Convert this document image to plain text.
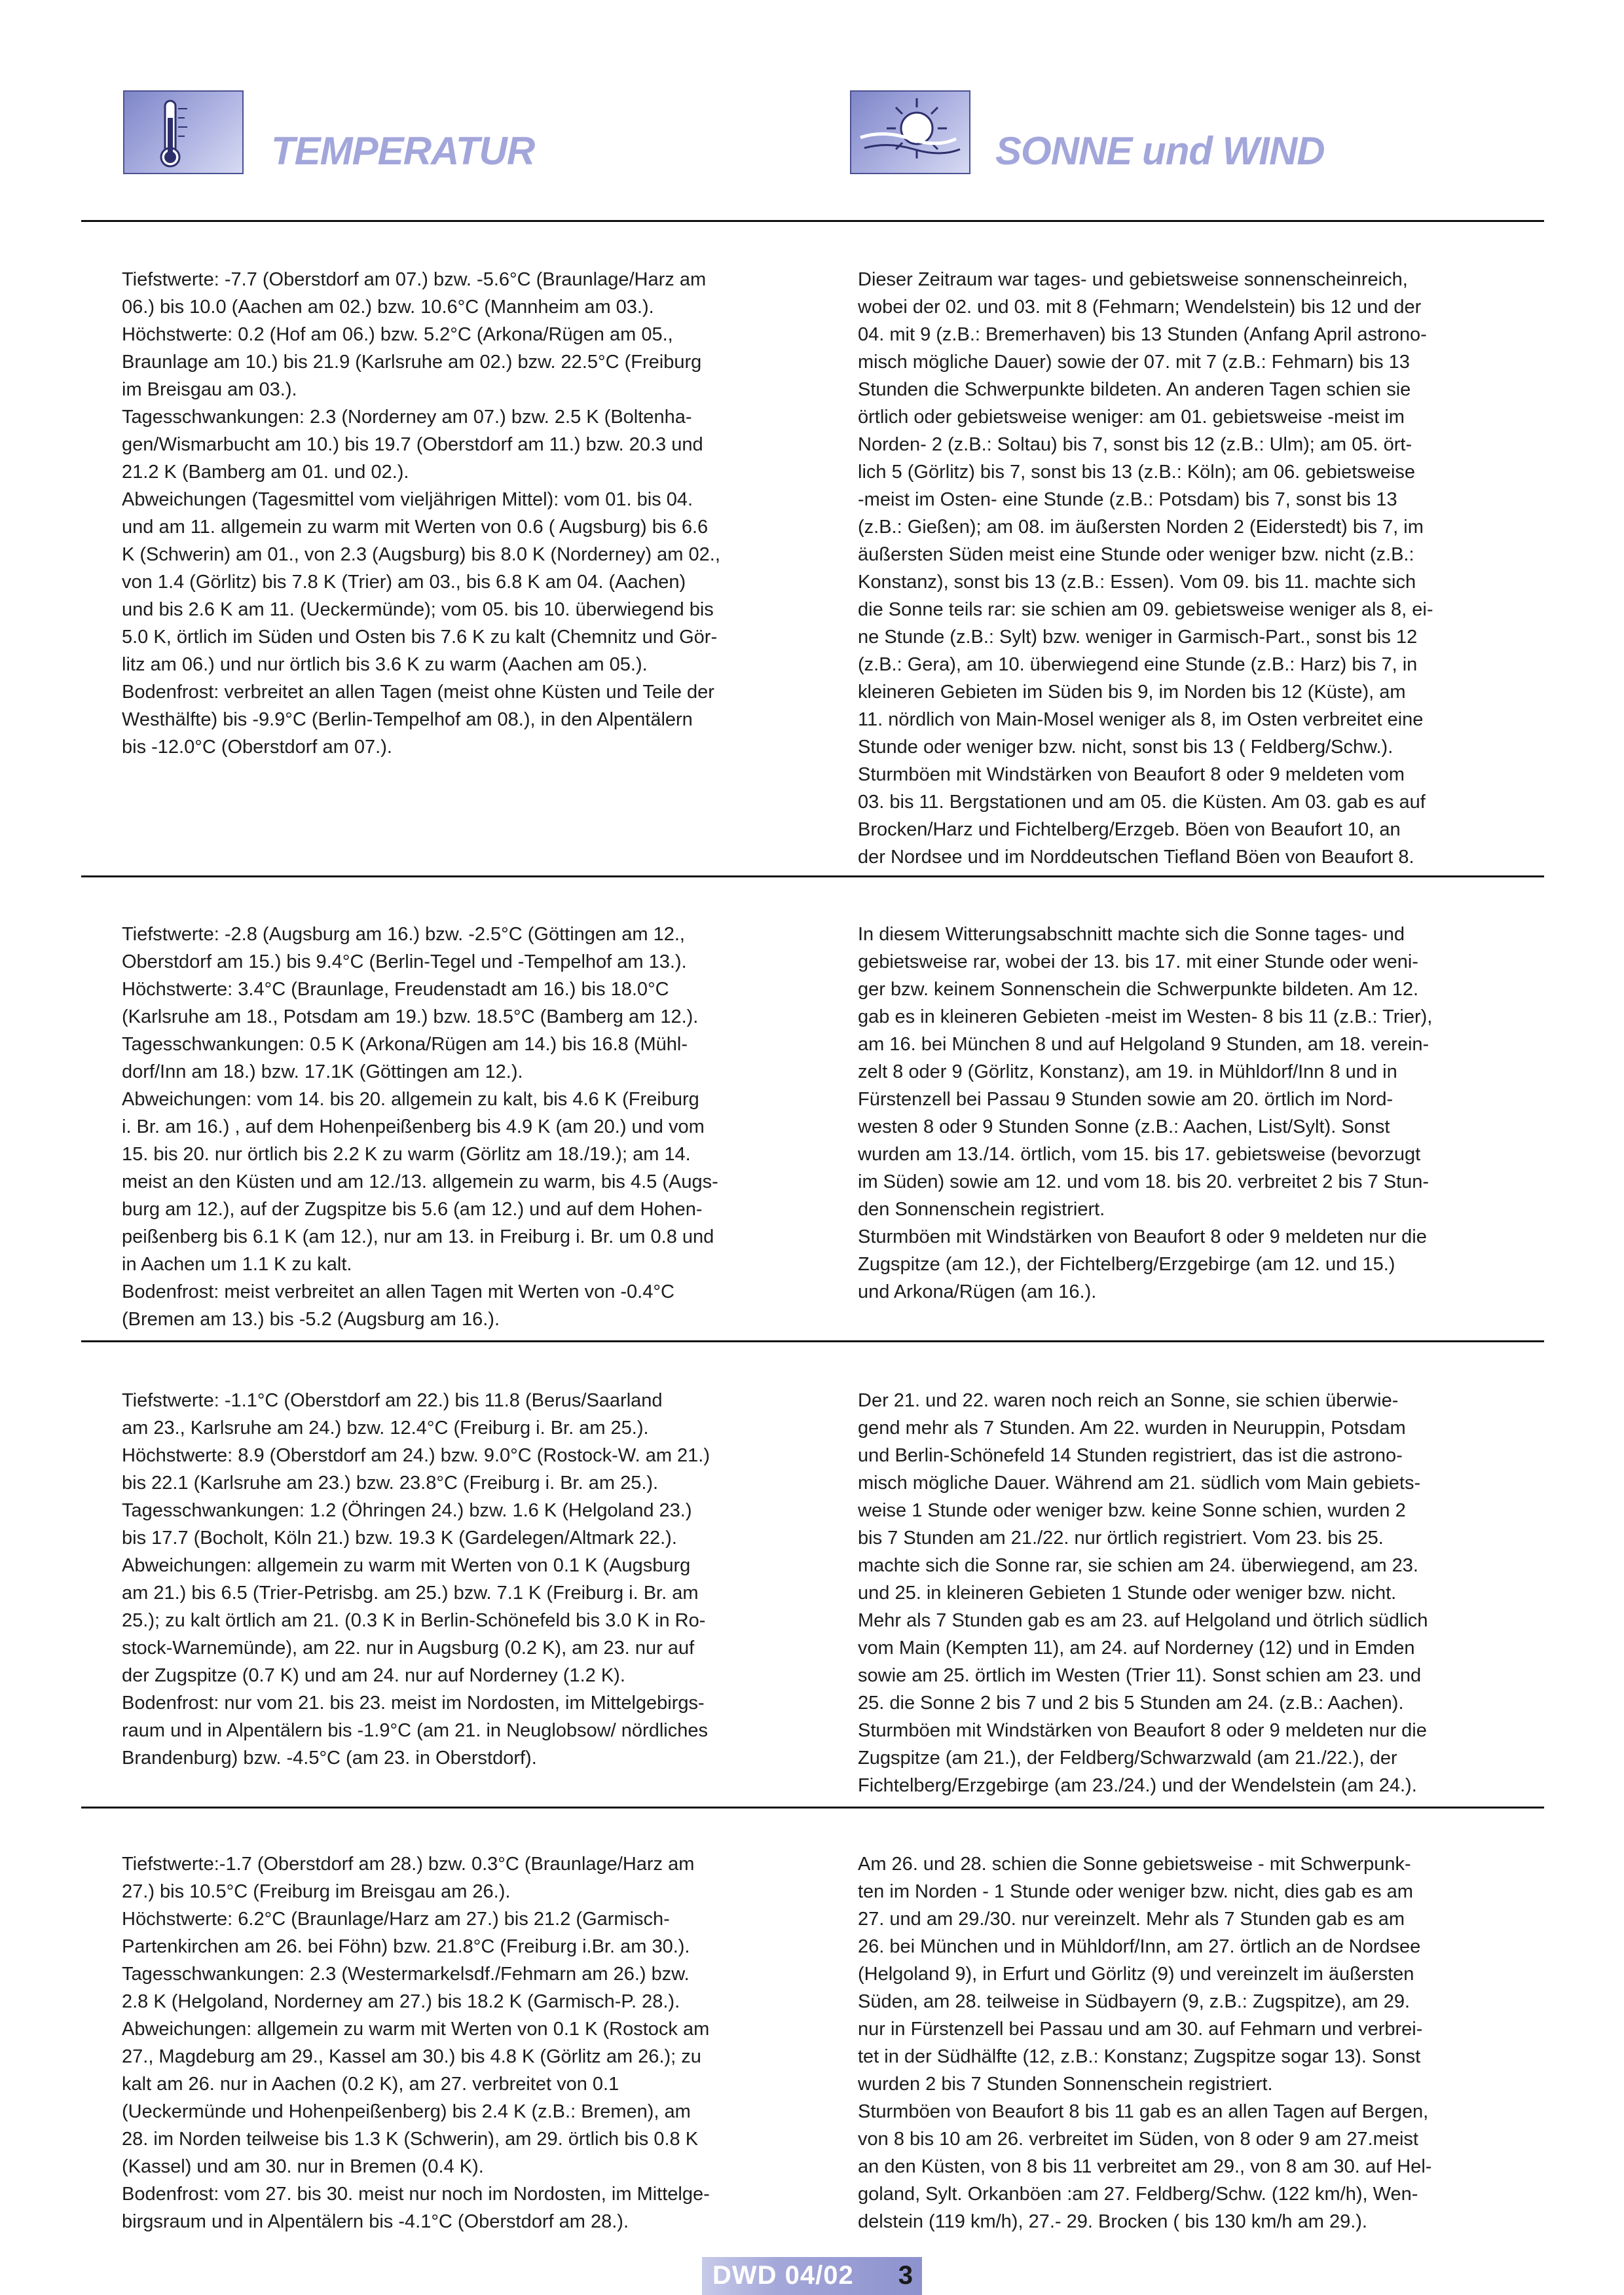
TEMPERATUR	SONNE und WIND

Tiefstwerte: -7.7 (Oberstdorf am 07.) bzw. -5.6°C (Braunlage/Harz am
06.) bis 10.0 (Aachen am 02.) bzw. 10.6°C (Mannheim am 03.).
Höchstwerte: 0.2 (Hof am 06.) bzw. 5.2°C (Arkona/Rügen am 05.,
Braunlage am 10.) bis 21.9 (Karlsruhe am 02.) bzw. 22.5°C (Freiburg
im Breisgau am 03.).
Tagesschwankungen: 2.3 (Norderney am 07.) bzw. 2.5 K (Boltenha-
gen/Wismarbucht am 10.) bis 19.7 (Oberstdorf am 11.) bzw. 20.3 und
21.2 K (Bamberg am 01. und 02.).
Abweichungen (Tagesmittel vom vieljährigen Mittel): vom 01. bis 04.
und am 11. allgemein zu warm mit Werten von 0.6 ( Augsburg) bis 6.6
K (Schwerin) am 01., von 2.3 (Augsburg) bis 8.0 K (Norderney) am 02.,
von 1.4 (Görlitz) bis 7.8 K (Trier) am 03., bis 6.8 K am 04. (Aachen)
und bis 2.6 K am 11. (Ueckermünde); vom 05. bis 10. überwiegend bis
5.0 K, örtlich im Süden und Osten bis 7.6 K zu kalt (Chemnitz und Gör-
litz am 06.) und nur örtlich bis 3.6 K zu warm (Aachen am 05.).
Bodenfrost: verbreitet an allen Tagen (meist ohne Küsten und Teile der
Westhälfte) bis -9.9°C (Berlin-Tempelhof am 08.), in den Alpentälern
bis -12.0°C (Oberstdorf am 07.).

Dieser Zeitraum war tages- und gebietsweise sonnenscheinreich,
wobei der 02. und 03. mit 8 (Fehmarn; Wendelstein) bis 12 und der
04. mit 9 (z.B.: Bremerhaven) bis 13 Stunden (Anfang April astrono-
misch mögliche Dauer) sowie der 07. mit 7 (z.B.: Fehmarn) bis 13
Stunden die Schwerpunkte bildeten. An anderen Tagen schien sie
örtlich oder gebietsweise weniger: am 01. gebietsweise -meist im
Norden- 2 (z.B.: Soltau) bis 7, sonst bis 12 (z.B.: Ulm); am 05. ört-
lich 5 (Görlitz) bis 7, sonst bis 13 (z.B.: Köln); am 06. gebietsweise
-meist im Osten- eine Stunde (z.B.: Potsdam) bis 7, sonst bis 13
(z.B.: Gießen); am 08. im äußersten Norden 2 (Eiderstedt) bis 7, im
äußersten Süden meist eine Stunde oder weniger bzw. nicht (z.B.:
Konstanz), sonst bis 13 (z.B.: Essen). Vom 09. bis 11. machte sich
die Sonne teils rar: sie schien am 09. gebietsweise weniger als 8, ei-
ne Stunde (z.B.: Sylt) bzw. weniger in Garmisch-Part., sonst bis 12
(z.B.: Gera), am 10. überwiegend eine Stunde (z.B.: Harz) bis 7, in
kleineren Gebieten im Süden bis 9, im Norden bis 12 (Küste), am
11. nördlich von Main-Mosel weniger als 8, im Osten verbreitet eine
Stunde oder weniger bzw. nicht, sonst bis 13 ( Feldberg/Schw.).
Sturmböen mit Windstärken von Beaufort 8 oder 9 meldeten vom
03. bis 11. Bergstationen und am 05. die Küsten. Am 03. gab es auf
Brocken/Harz und Fichtelberg/Erzgeb. Böen von Beaufort 10, an
der Nordsee und im Norddeutschen Tiefland Böen von Beaufort 8.

Tiefstwerte: -2.8 (Augsburg am 16.) bzw. -2.5°C (Göttingen am 12.,
Oberstdorf am 15.) bis 9.4°C (Berlin-Tegel und -Tempelhof am 13.).
Höchstwerte: 3.4°C (Braunlage, Freudenstadt am 16.) bis 18.0°C
(Karlsruhe am 18., Potsdam am 19.) bzw. 18.5°C (Bamberg am 12.).
Tagesschwankungen: 0.5 K (Arkona/Rügen am 14.) bis 16.8 (Mühl-
dorf/Inn am 18.) bzw. 17.1K (Göttingen am 12.).
Abweichungen: vom 14. bis 20. allgemein zu kalt, bis 4.6 K (Freiburg
i. Br. am 16.) , auf dem Hohenpeißenberg bis 4.9 K (am 20.) und vom
15. bis 20. nur örtlich bis 2.2 K zu warm (Görlitz am 18./19.); am 14.
meist an den Küsten und am 12./13. allgemein zu warm, bis 4.5 (Augs-
burg am 12.), auf der Zugspitze bis 5.6 (am 12.) und auf dem Hohen-
peißenberg bis 6.1 K (am 12.), nur am 13. in Freiburg i. Br. um 0.8 und
in Aachen um 1.1 K zu kalt.
Bodenfrost: meist verbreitet an allen Tagen mit Werten von -0.4°C
(Bremen am 13.) bis -5.2 (Augsburg am 16.).

In diesem Witterungsabschnitt machte sich die Sonne tages- und
gebietsweise rar, wobei der 13. bis 17. mit einer Stunde oder weni-
ger bzw. keinem Sonnenschein die Schwerpunkte bildeten. Am 12.
gab es in kleineren Gebieten -meist im Westen- 8 bis 11 (z.B.: Trier),
am 16. bei München 8 und auf Helgoland 9 Stunden, am 18. verein-
zelt 8 oder 9 (Görlitz, Konstanz), am 19. in Mühldorf/Inn 8 und in
Fürstenzell bei Passau 9 Stunden sowie am 20. örtlich im Nord-
westen 8 oder 9 Stunden Sonne (z.B.: Aachen, List/Sylt). Sonst
wurden am 13./14. örtlich, vom 15. bis 17. gebietsweise (bevorzugt
im Süden) sowie am 12. und vom 18. bis 20. verbreitet 2 bis 7 Stun-
den Sonnenschein registriert.
Sturmböen mit Windstärken von Beaufort 8 oder 9 meldeten nur die
Zugspitze (am 12.), der Fichtelberg/Erzgebirge (am 12. und 15.)
und Arkona/Rügen (am 16.).

Tiefstwerte: -1.1°C (Oberstdorf am 22.) bis 11.8 (Berus/Saarland
am 23., Karlsruhe am 24.) bzw. 12.4°C (Freiburg i. Br. am 25.).
Höchstwerte: 8.9 (Oberstdorf am 24.) bzw. 9.0°C (Rostock-W. am 21.)
bis 22.1 (Karlsruhe am 23.) bzw. 23.8°C (Freiburg i. Br. am 25.).
Tagesschwankungen: 1.2 (Öhringen 24.) bzw. 1.6 K (Helgoland 23.)
bis 17.7 (Bocholt, Köln 21.) bzw. 19.3 K (Gardelegen/Altmark 22.).
Abweichungen: allgemein zu warm mit Werten von 0.1 K (Augsburg
am 21.) bis 6.5 (Trier-Petrisbg. am 25.) bzw. 7.1 K (Freiburg i. Br. am
25.); zu kalt örtlich am 21. (0.3 K in Berlin-Schönefeld bis 3.0 K in Ro-
stock-Warnemünde), am 22. nur in Augsburg (0.2 K), am 23. nur auf
der Zugspitze (0.7 K) und am 24. nur auf Norderney (1.2 K).
Bodenfrost: nur vom 21. bis 23. meist im Nordosten, im Mittelgebirgs-
raum und in Alpentälern bis -1.9°C (am 21. in Neuglobsow/ nördliches
Brandenburg) bzw. -4.5°C (am 23. in Oberstdorf).

Der 21. und 22. waren noch reich an Sonne, sie schien überwie-
gend mehr als 7 Stunden. Am 22. wurden in Neuruppin, Potsdam
und Berlin-Schönefeld 14 Stunden registriert, das ist die astrono-
misch mögliche Dauer. Während am 21. südlich vom Main gebiets-
weise 1 Stunde oder weniger bzw. keine Sonne schien, wurden 2
bis 7 Stunden am 21./22. nur örtlich registriert. Vom 23. bis 25.
machte sich die Sonne rar, sie schien am 24. überwiegend, am 23.
und 25. in kleineren Gebieten 1 Stunde oder weniger bzw. nicht.
Mehr als 7 Stunden gab es am 23. auf Helgoland und ötrlich südlich
vom Main (Kempten 11), am 24. auf Norderney (12) und in Emden
sowie am 25. örtlich im Westen (Trier 11). Sonst schien am 23. und
25. die Sonne 2 bis 7 und 2 bis 5 Stunden am 24. (z.B.: Aachen).
Sturmböen mit Windstärken von Beaufort 8 oder 9 meldeten nur die
Zugspitze (am 21.), der Feldberg/Schwarzwald (am 21./22.), der
Fichtelberg/Erzgebirge (am 23./24.) und der Wendelstein (am 24.).

Tiefstwerte:-1.7 (Oberstdorf am 28.) bzw. 0.3°C (Braunlage/Harz am
27.) bis 10.5°C (Freiburg im Breisgau am 26.).
Höchstwerte: 6.2°C (Braunlage/Harz am 27.) bis 21.2 (Garmisch-
Partenkirchen am 26. bei Föhn) bzw. 21.8°C (Freiburg i.Br. am 30.).
Tagesschwankungen: 2.3 (Westermarkelsdf./Fehmarn am 26.) bzw.
2.8 K (Helgoland, Norderney am 27.) bis 18.2 K (Garmisch-P. 28.).
Abweichungen: allgemein zu warm mit Werten von 0.1 K (Rostock am
27., Magdeburg am 29., Kassel am 30.) bis 4.8 K (Görlitz am 26.); zu
kalt am 26. nur in Aachen (0.2 K), am 27. verbreitet von 0.1
(Ueckermünde und Hohenpeißenberg) bis 2.4 K (z.B.: Bremen), am
28. im Norden teilweise bis 1.3 K (Schwerin), am 29. örtlich bis 0.8 K
(Kassel) und am 30. nur in Bremen (0.4 K).
Bodenfrost: vom 27. bis 30. meist nur noch im Nordosten, im Mittelge-
birgsraum und in Alpentälern bis -4.1°C (Oberstdorf am 28.).

Am 26. und 28. schien die Sonne gebietsweise - mit Schwerpunk-
ten im Norden - 1 Stunde oder weniger bzw. nicht, dies gab es am
27. und am 29./30. nur vereinzelt. Mehr als 7 Stunden gab es am
26. bei München und in Mühldorf/Inn, am 27. örtlich an de Nordsee
(Helgoland 9), in Erfurt und Görlitz (9) und vereinzelt im äußersten
Süden, am 28. teilweise in Südbayern (9, z.B.: Zugspitze), am 29.
nur in Fürstenzell bei Passau und am 30. auf Fehmarn und verbrei-
tet in der Südhälfte (12, z.B.: Konstanz; Zugspitze sogar 13). Sonst
wurden 2 bis 7 Stunden Sonnenschein registriert.
Sturmböen von Beaufort 8 bis 11 gab es an allen Tagen auf Bergen,
von 8 bis 10 am 26. verbreitet im Süden, von 8 oder 9 am 27.meist
an den Küsten, von 8 bis 11 verbreitet am 29., von 8 am 30. auf Hel-
goland, Sylt. Orkanböen :am 27. Feldberg/Schw. (122 km/h), Wen-
delstein (119 km/h), 27.- 29. Brocken ( bis 130 km/h am 29.).

DWD 04/02 3
